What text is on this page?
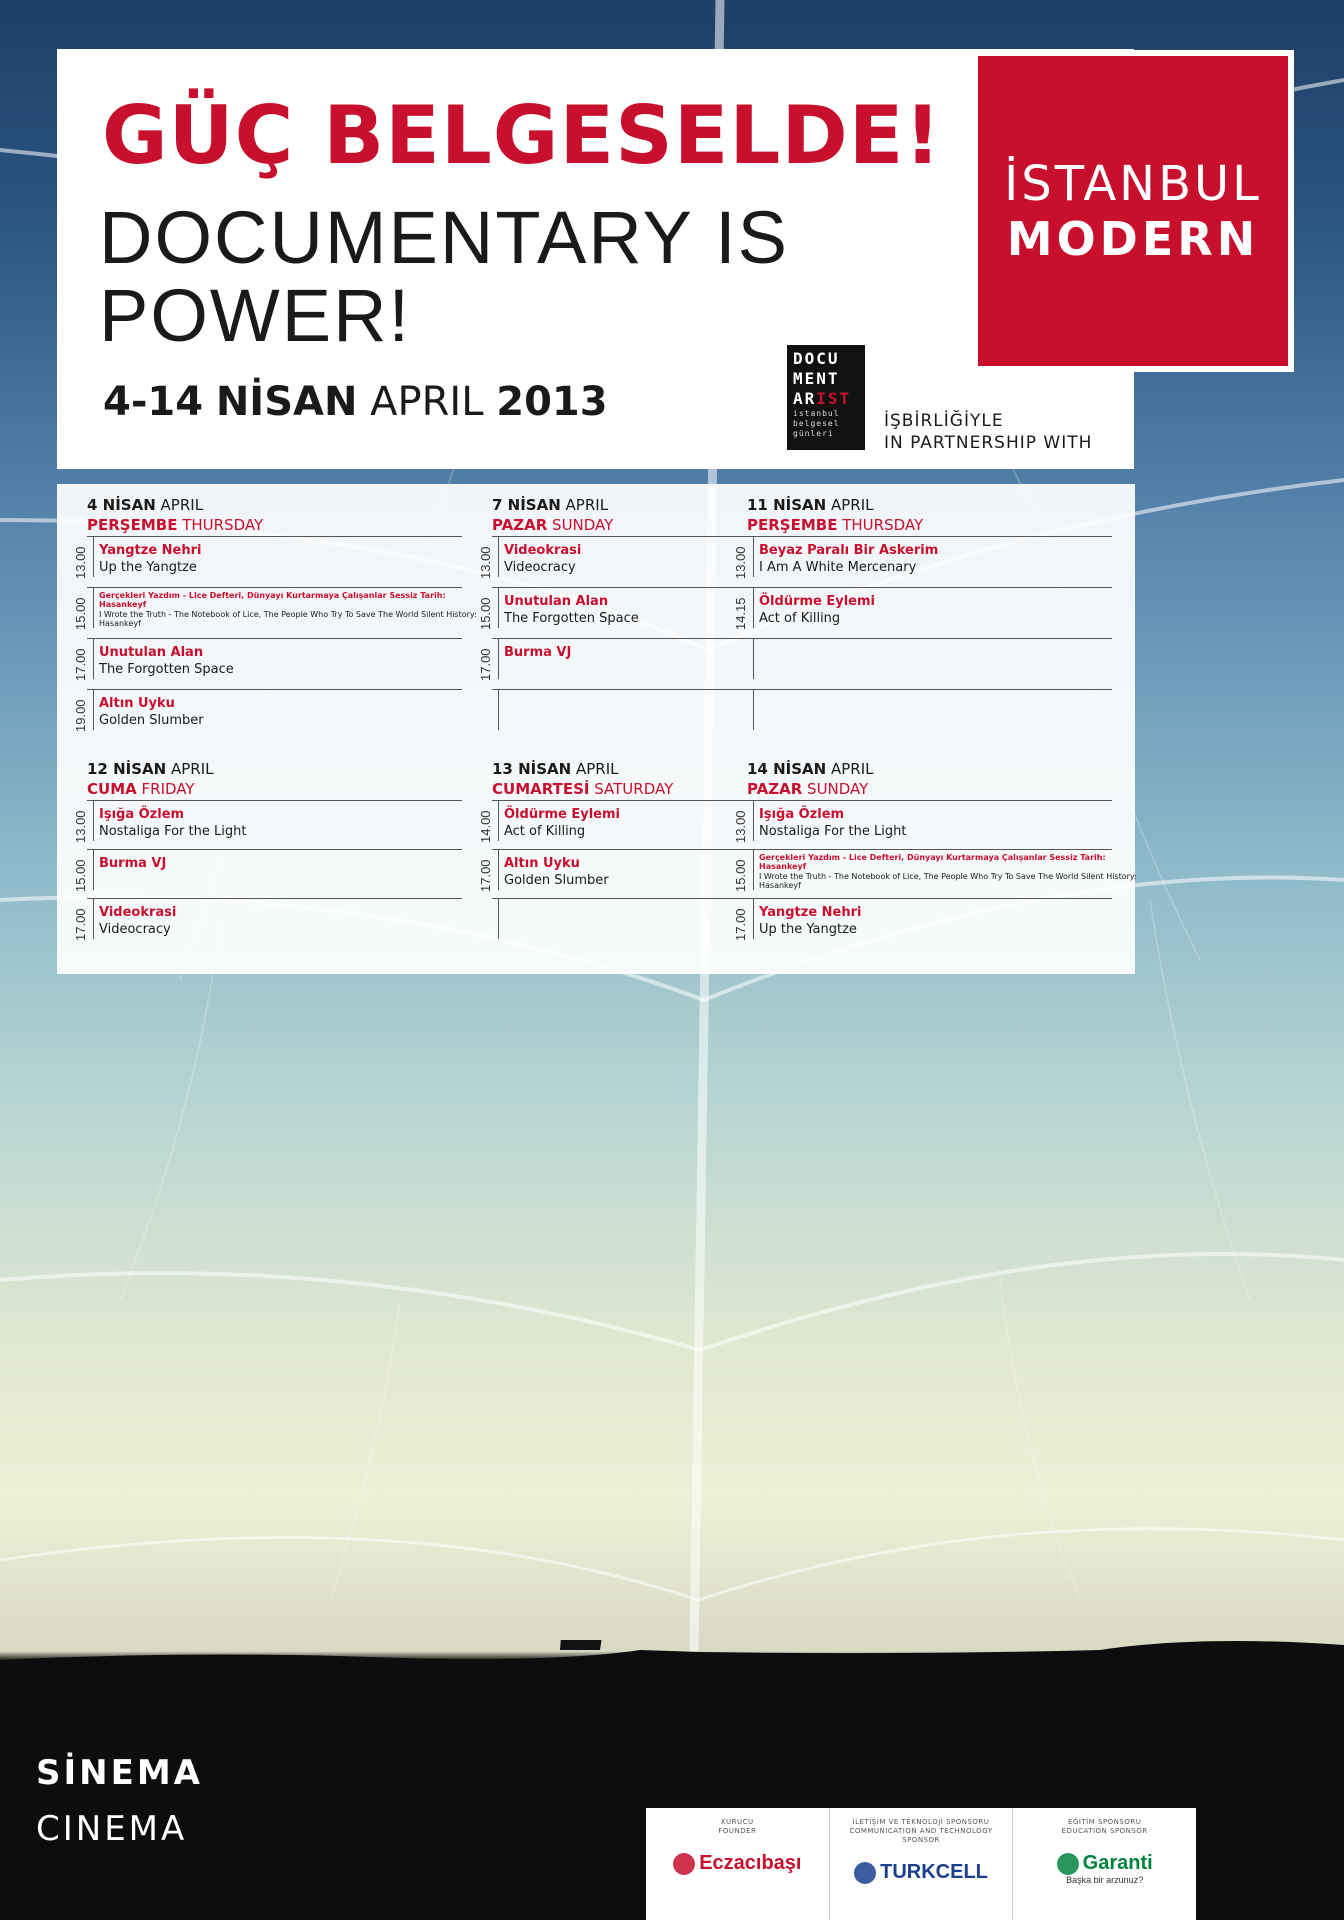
GÜÇ BELGESELDE!
DOCUMENTARY IS POWER!
4-14 NİSAN APRIL 2013
İSTANBUL
MODERN
DOCU
MENT
ARIST
istanbul
belgesel
günleri
İŞBİRLİĞİYLE
IN PARTNERSHIP WITH
4 NİSAN APRIL
PERŞEMBE THURSDAY
13.00 Yangtze Nehri
Up the Yangtze
15.00
Gerçekleri Yazdım - Lice Defteri, Dünyayı Kurtarmaya Çalışanlar Sessiz Tarih: Hasankeyf
I Wrote the Truth - The Notebook of Lice, The People Who Try To Save The World Silent History: Hasankeyf
17.00 Unutulan Alan
The Forgotten Space
19.00 Altın Uyku
Golden Slumber
7 NİSAN APRIL
PAZAR SUNDAY
13.00 Videokrasi
Videocracy
15.00 Unutulan Alan
The Forgotten Space
17.00 Burma VJ
11 NİSAN APRIL
PERŞEMBE THURSDAY
13.00 Beyaz Paralı Bir Askerim
I Am A White Mercenary
14.15 Öldürme Eylemi
Act of Killing
12 NİSAN APRIL
CUMA FRIDAY
13.00 Işığa Özlem
Nostaliga For the Light
15.00 Burma VJ
17.00 Videokrasi
Videocracy
13 NİSAN APRIL
CUMARTESİ SATURDAY
14.00 Öldürme Eylemi
Act of Killing
17.00 Altın Uyku
Golden Slumber
14 NİSAN APRIL
PAZAR SUNDAY
13.00 Işığa Özlem
Nostaliga For the Light
15.00
Gerçekleri Yazdım - Lice Defteri, Dünyayı Kurtarmaya Çalışanlar Sessiz Tarih: Hasankeyf
I Wrote the Truth - The Notebook of Lice, The People Who Try To Save The World Silent History: Hasankeyf
17.00 Yangtze Nehri
Up the Yangtze
SİNEMA
CINEMA	KURUCU
FOUNDER
Eczacıbaşı
İLETİŞİM VE TEKNOLOJİ SPONSORU
COMMUNICATION AND TECHNOLOGY SPONSOR
TURKCELL
EĞİTİM SPONSORU
EDUCATION SPONSOR
Garanti
Başka bir arzunuz?
